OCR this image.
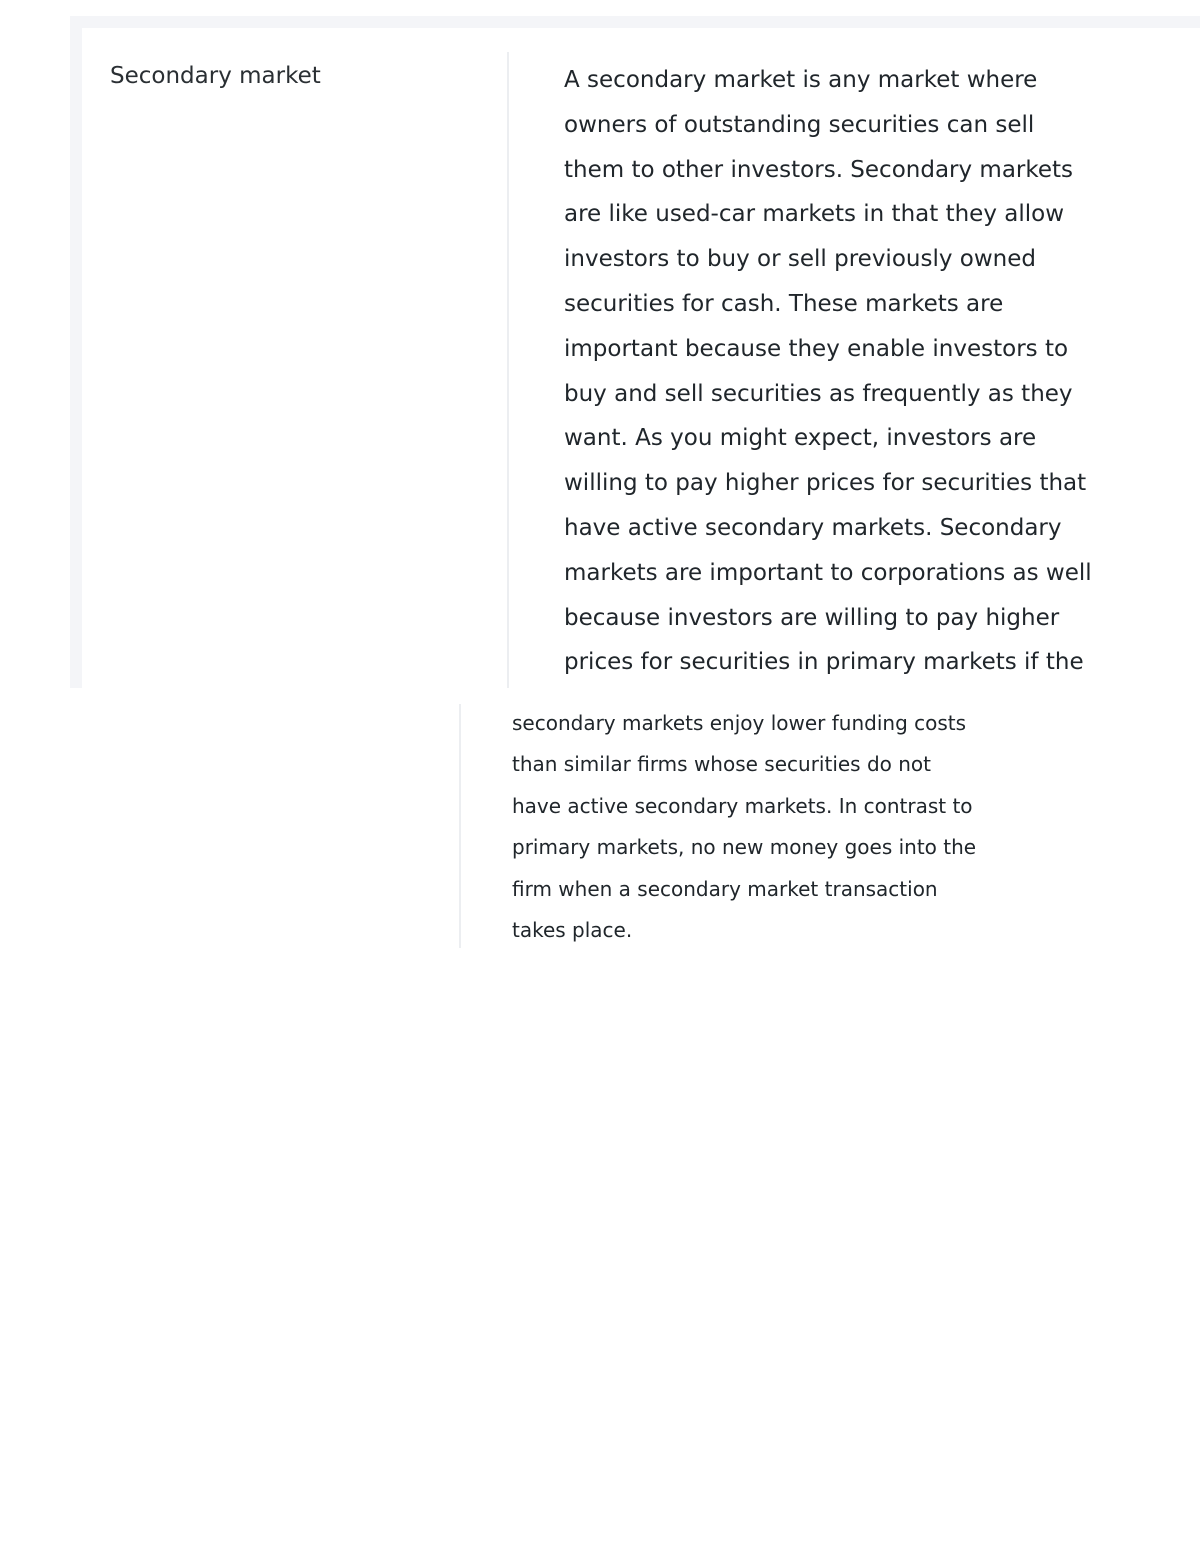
Secondary market	A secondary market is any market where
owners of outstanding securities can sell
them to other investors. Secondary markets
are like used-car markets in that they allow
investors to buy or sell previously owned
securities for cash. These markets are
important because they enable investors to
buy and sell securities as frequently as they
want. As you might expect, investors are
willing to pay higher prices for securities that
have active secondary markets. Secondary
markets are important to corporations as well
because investors are willing to pay higher
prices for securities in primary markets if the

secondary markets enjoy lower funding costs
than similar firms whose securities do not
have active secondary markets. In contrast to
primary markets, no new money goes into the
firm when a secondary market transaction
takes place.
